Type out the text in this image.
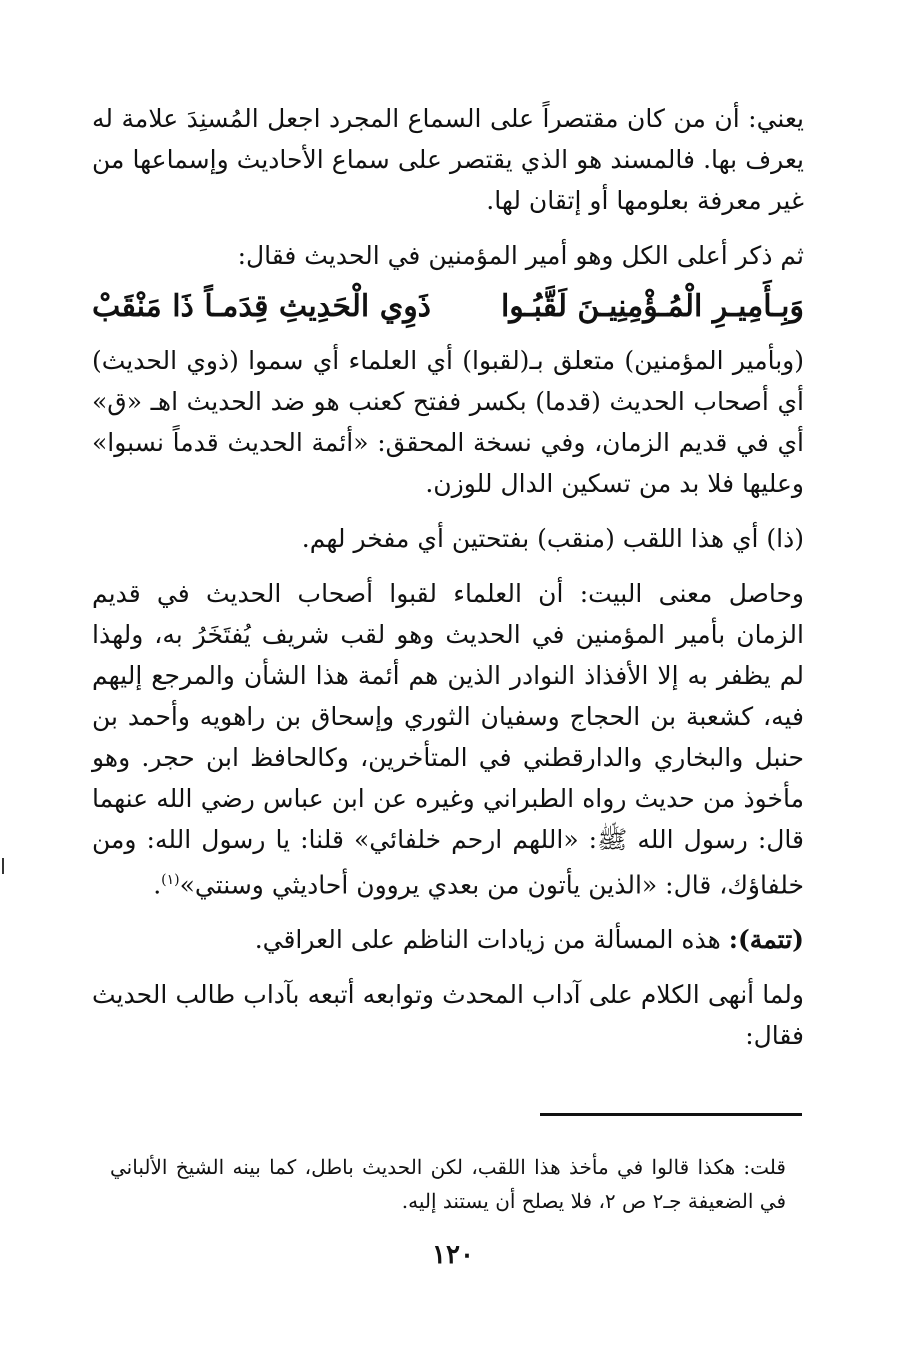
يعني: أن من كان مقتصراً على السماع المجرد اجعل المُسنِدَ علامة له يعرف بها. فالمسند هو الذي يقتصر على سماع الأحاديث وإسماعها من غير معرفة بعلومها أو إتقان لها.

ثم ذكر أعلى الكل وهو أمير المؤمنين في الحديث فقال:

وَبِـأَمِيـرِ الْمُـؤْمِنِيـنَ لَقَّبُـوا
ذَوِي الْحَدِيثِ قِدَمـاً ذَا مَنْقَبْ

(وبأمير المؤمنين) متعلق بـ(لقبوا) أي العلماء أي سموا (ذوي الحديث) أي أصحاب الحديث (قدما) بكسر ففتح كعنب هو ضد الحديث اهـ «ق» أي في قديم الزمان، وفي نسخة المحقق: «أئمة الحديث قدماً نسبوا» وعليها فلا بد من تسكين الدال للوزن.

(ذا) أي هذا اللقب (منقب) بفتحتين أي مفخر لهم.

وحاصل معنى البيت: أن العلماء لقبوا أصحاب الحديث في قديم الزمان بأمير المؤمنين في الحديث وهو لقب شريف يُفتَخَرُ به، ولهذا لم يظفر به إلا الأفذاذ النوادر الذين هم أئمة هذا الشأن والمرجع إليهم فيه، كشعبة بن الحجاج وسفيان الثوري وإسحاق بن راهويه وأحمد بن حنبل والبخاري والدارقطني في المتأخرين، وكالحافظ ابن حجر. وهو مأخوذ من حديث رواه الطبراني وغيره عن ابن عباس رضي الله عنهما قال: رسول الله ﷺ: «اللهم ارحم خلفائي» قلنا: يا رسول الله: ومن خلفاؤك، قال: «الذين يأتون من بعدي يروون أحاديثي وسنتي»$^{(١)}$.

(تتمة): هذه المسألة من زيادات الناظم على العراقي.

ولما أنهى الكلام على آداب المحدث وتوابعه أتبعه بآداب طالب الحديث فقال:

قلت: هكذا قالوا في مأخذ هذا اللقب، لكن الحديث باطل، كما بينه الشيخ الألباني في الضعيفة جـ٢ ص ٢، فلا يصلح أن يستند إليه.
١٢٠
